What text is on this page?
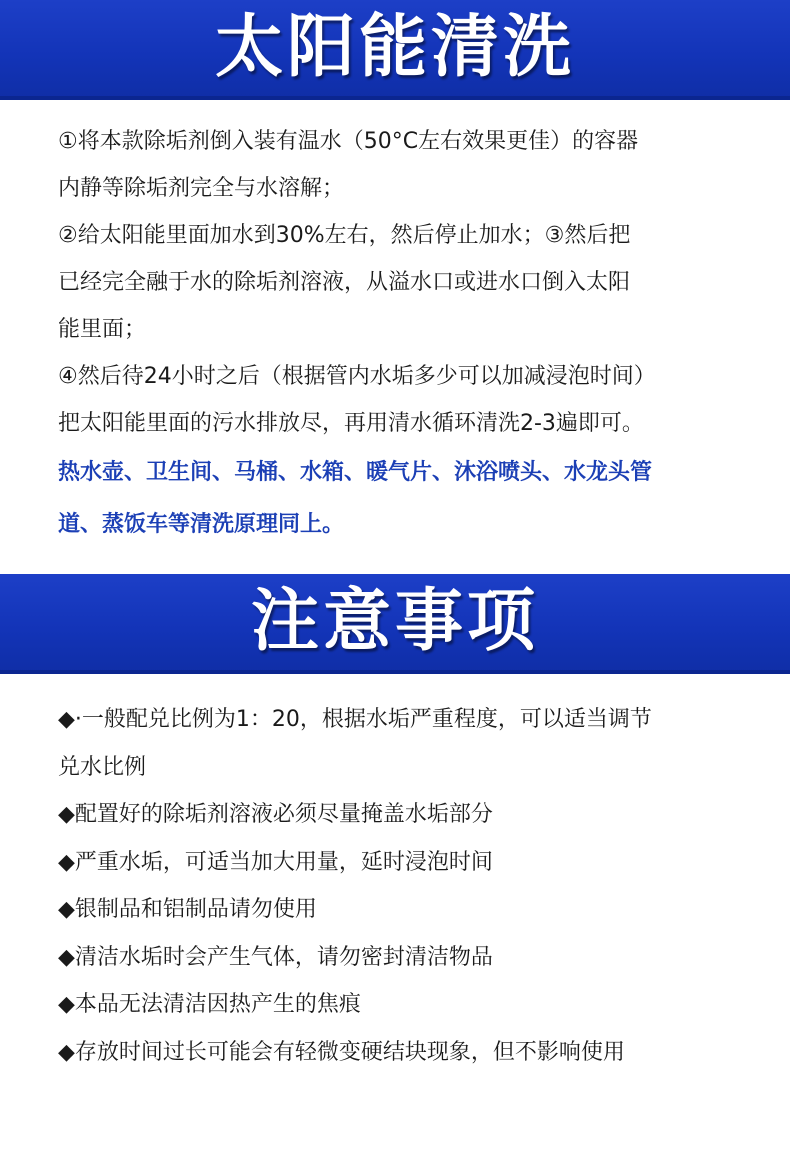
太阳能清洗
①将本款除垢剂倒入装有温水（50°C左右效果更佳）的容器
内静等除垢剂完全与水溶解；
②给太阳能里面加水到30%左右，然后停止加水；③然后把
已经完全融于水的除垢剂溶液，从溢水口或进水口倒入太阳
能里面；
④然后待24小时之后（根据管内水垢多少可以加减浸泡时间）
把太阳能里面的污水排放尽，再用清水循环清洗2-3遍即可。
热水壶、卫生间、马桶、水箱、暖气片、沐浴喷头、水龙头管
道、蒸饭车等清洗原理同上。
注意事项
◆·一般配兑比例为1：20，根据水垢严重程度，可以适当调节
兑水比例
◆配置好的除垢剂溶液必须尽量掩盖水垢部分
◆严重水垢，可适当加大用量，延时浸泡时间
◆银制品和铝制品请勿使用
◆清洁水垢时会产生气体，请勿密封清洁物品
◆本品无法清洁因热产生的焦痕
◆存放时间过长可能会有轻微变硬结块现象，但不影响使用
